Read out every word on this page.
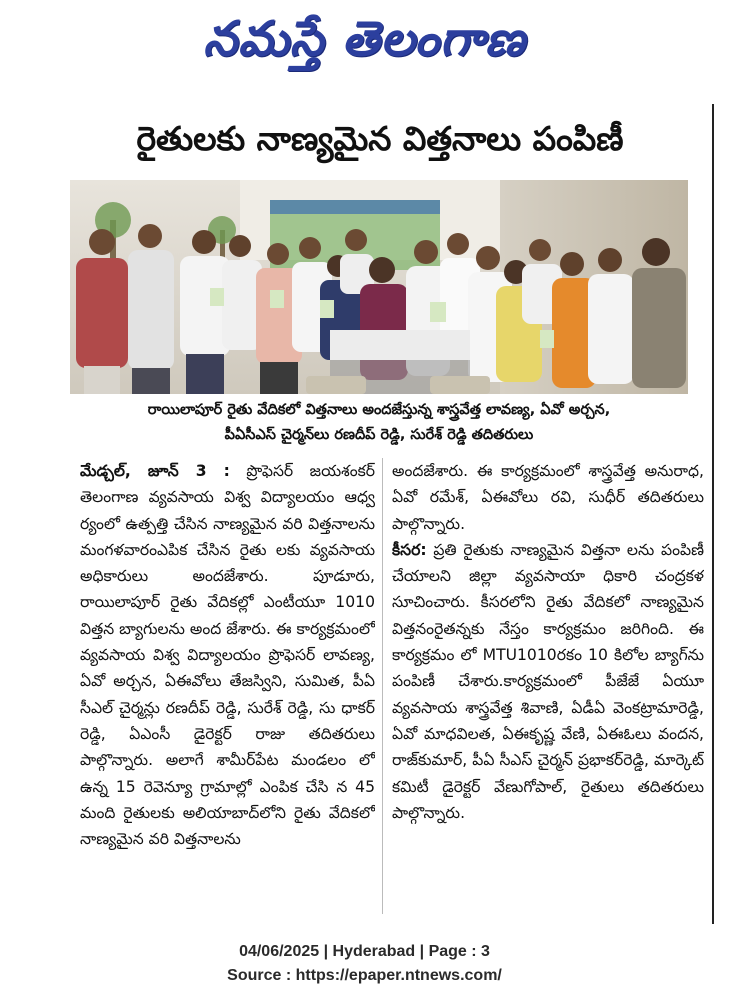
నమస్తే తెలంగాణ
రైతులకు నాణ్యమైన విత్తనాలు పంపిణీ
రాయిలాపూర్ రైతు వేదికలో విత్తనాలు అందజేస్తున్న శాస్త్రవేత్త లావణ్య, ఏవో అర్చన,
పీఏసీఎస్ చైర్మన్‌లు రణదీప్ రెడ్డి, సురేశ్ రెడ్డి తదితరులు

మేడ్చల్, జూన్ 3 : ప్రొఫెసర్ జయశంకర్ తెలంగాణ వ్యవసాయ విశ్వ విద్యాలయం ఆధ్వ ర్యంలో ఉత్పత్తి చేసిన నాణ్యమైన వరి విత్తనాలను మంగళవారంఎపిక చేసిన రైతు లకు వ్యవసాయ అధికారులు అందజేశారు. పూడూరు, రాయిలాపూర్ రైతు వేదికల్లో ఎంటీయూ 1010 విత్తన బ్యాగులను అంద జేశారు. ఈ కార్యక్రమంలో వ్యవసాయ విశ్వ విద్యాలయం ప్రొఫెసర్ లావణ్య, ఏవో అర్చన, ఏఈవోలు తేజస్విని, సుమిత, పీఏ సీఎల్ చైర్మన్లు రణదీప్ రెడ్డి, సురేశ్ రెడ్డి, సు ధాకర్ రెడ్డి, ఏఎంసీ డైరెక్టర్ రాజు తదితరులు పాల్గొన్నారు. అలాగే శామీర్‌పేట మండలం లో ఉన్న 15 రెవెన్యూ గ్రామాల్లో ఎంపిక చేసి న 45 మంది రైతులకు అలియాబాద్‌లోని రైతు వేదికలో నాణ్యమైన వరి విత్తనాలను

అందజేశారు. ఈ కార్యక్రమంలో శాస్త్రవేత్త అనురాధ, ఏవో రమేశ్, ఏఈవోలు రవి, సుధీర్ తదితరులు పాల్గొన్నారు.

కీసర: ప్రతి రైతుకు నాణ్యమైన విత్తనా లను పంపిణీ చేయాలని జిల్లా వ్యవసాయా ధికారి చంద్రకళ సూచించారు. కీసరలోని రైతు వేదికలో నాణ్యమైన విత్తనంరైతన్నకు నేస్తం కార్యక్రమం జరిగింది. ఈ కార్యక్రమం లో MTU1010రకం 10 కిలోల బ్యాగ్‌ను పంపిణీ చేశారు.కార్యక్రమంలో పీజేజే ఏయూ వ్యవసాయ శాస్త్రవేత్త శివాణి, ఏడీఏ వెంకట్రామారెడ్డి, ఏవో మాధవిలత, ఏఈకృష్ణ వేణి, ఏఈఓలు వందన, రాజ్‌కుమార్, పీఏ సీఎస్ చైర్మన్ ప్రభాకర్‌రెడ్డి, మార్కెట్ కమిటీ డైరెక్టర్ వేణుగోపాల్, రైతులు తదితరులు పాల్గొన్నారు.

04/06/2025 | Hyderabad | Page : 3
Source : https://epaper.ntnews.com/
